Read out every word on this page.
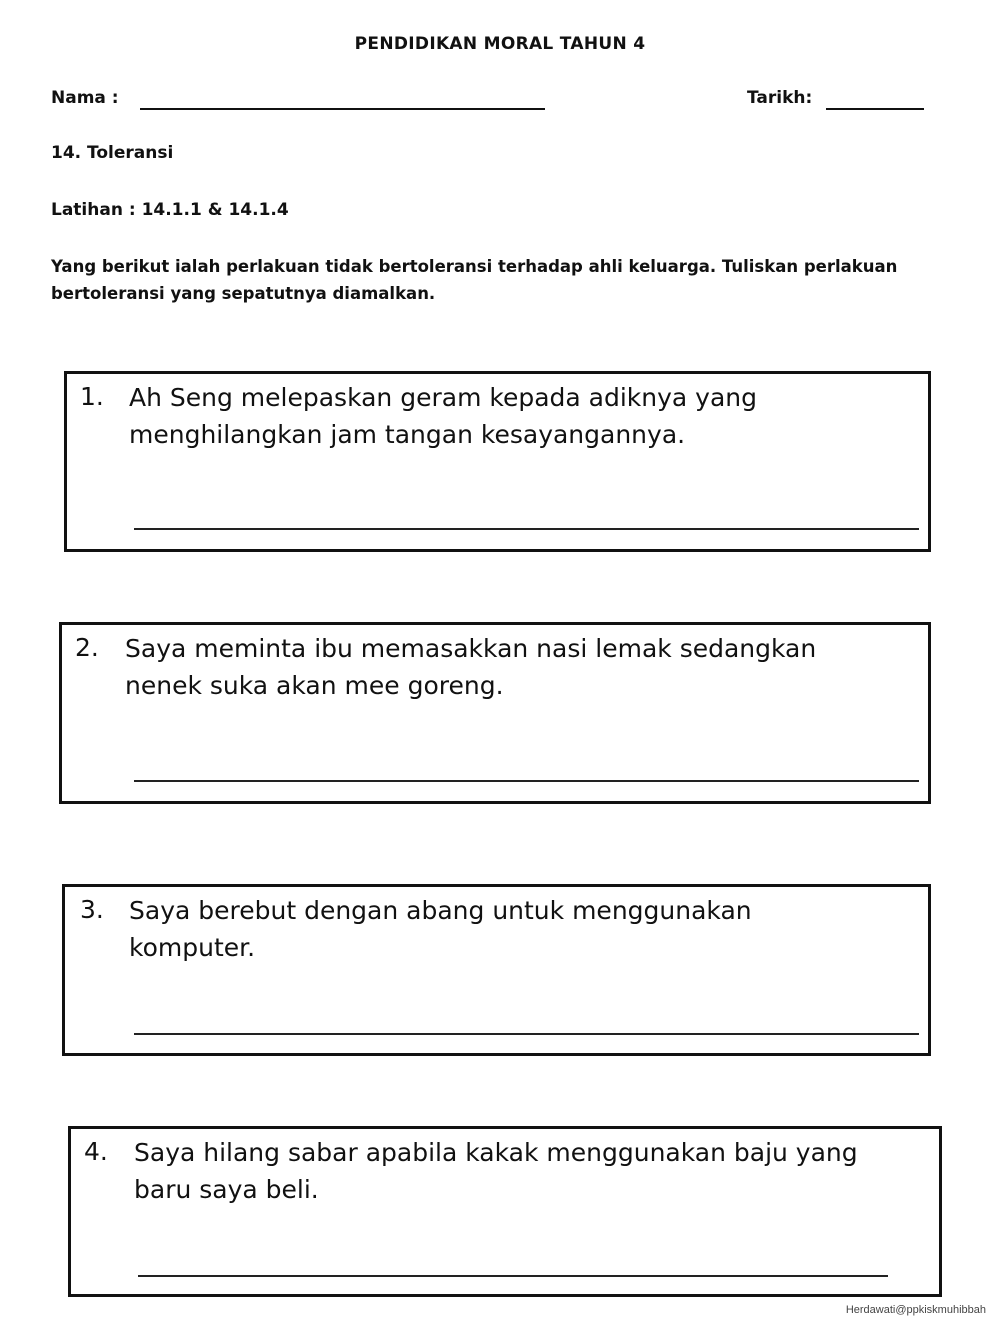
PENDIDIKAN MORAL TAHUN 4
Nama :	Tarikh:
14. Toleransi
Latihan : 14.1.1 & 14.1.4
Yang berikut ialah perlakuan tidak bertoleransi terhadap ahli keluarga. Tuliskan perlakuan bertoleransi yang sepatutnya diamalkan.
1. Ah Seng melepaskan geram kepada adiknya yang menghilangkan jam tangan kesayangannya.
2. Saya meminta ibu memasakkan nasi lemak sedangkan nenek suka akan mee goreng.
3. Saya berebut dengan abang untuk menggunakan komputer.
4. Saya hilang sabar apabila kakak menggunakan baju yang baru saya beli.
Herdawati@ppkiskmuhibbah
